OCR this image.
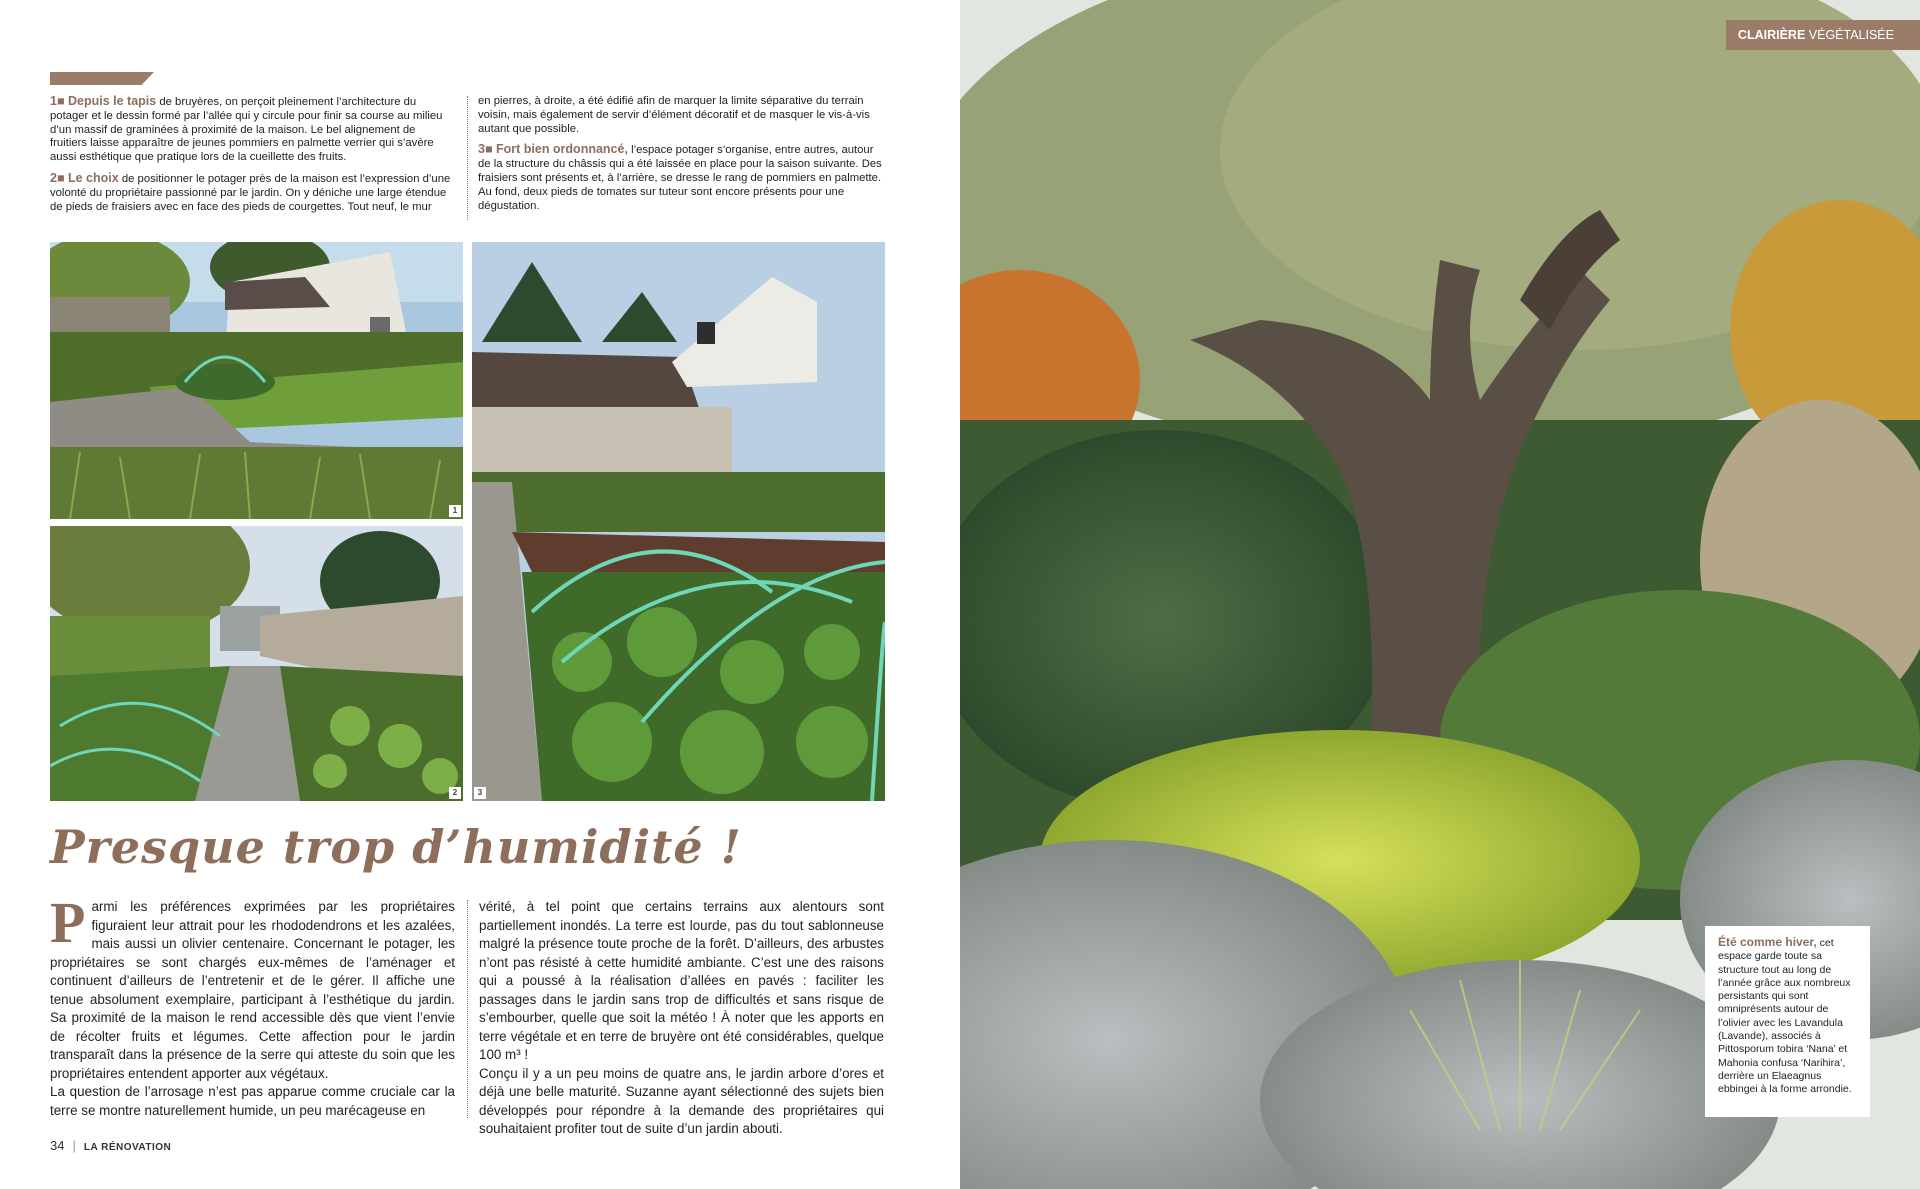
1■ Depuis le tapis de bruyères, on perçoit pleinement l’architecture du potager et le dessin formé par l’allée qui y circule pour finir sa course au milieu d’un massif de graminées à proximité de la maison. Le bel alignement de fruitiers laisse apparaître de jeunes pommiers en palmette verrier qui s’avère aussi esthétique que pratique lors de la cueillette des fruits.

2■ Le choix de positionner le potager près de la maison est l’expression d’une volonté du propriétaire passionné par le jardin. On y déniche une large étendue de pieds de fraisiers avec en face des pieds de courgettes. Tout neuf, le mur

en pierres, à droite, a été édifié afin de marquer la limite séparative du terrain voisin, mais également de servir d’élément décoratif et de masquer le vis-à-vis autant que possible.

3■ Fort bien ordonnancé, l’espace potager s’organise, entre autres, autour de la structure du châssis qui a été laissée en place pour la saison suivante. Des fraisiers sont présents et, à l’arrière, se dresse le rang de pommiers en palmette. Au fond, deux pieds de tomates sur tuteur sont encore présents pour une dégustation.

1
2	3
Presque trop d’humidité !
P armi les préférences exprimées par les propriétaires figuraient leur attrait pour les rhododendrons et les azalées, mais aussi un olivier centenaire. Concernant le potager, les propriétaires se sont chargés eux-mêmes de l’aménager et continuent d’ailleurs de l’entretenir et de le gérer. Il affiche une tenue absolument exemplaire, participant à l’esthétique du jardin. Sa proximité de la maison le rend accessible dès que vient l’envie de récolter fruits et légumes. Cette affection pour le jardin transparaît dans la présence de la serre qui atteste du soin que les propriétaires entendent apporter aux végétaux.

La question de l’arrosage n’est pas apparue comme cruciale car la terre se montre naturellement humide, un peu marécageuse en

vérité, à tel point que certains terrains aux alentours sont partiellement inondés. La terre est lourde, pas du tout sablonneuse malgré la présence toute proche de la forêt. D’ailleurs, des arbustes n’ont pas résisté à cette humidité ambiante. C’est une des raisons qui a poussé à la réalisation d’allées en pavés : faciliter les passages dans le jardin sans trop de difficultés et sans risque de s’embourber, quelle que soit la météo ! À noter que les apports en terre végétale et en terre de bruyère ont été considérables, quelque 100 m³ !

Conçu il y a un peu moins de quatre ans, le jardin arbore d’ores et déjà une belle maturité. Suzanne ayant sélectionné des sujets bien développés pour répondre à la demande des propriétaires qui souhaitaient profiter tout de suite d’un jardin abouti.

34 | LA RÉNOVATION
CLAIRIÈRE VÉGÉTALISÉE
Été comme hiver, cet espace garde toute sa structure tout au long de l’année grâce aux nombreux persistants qui sont omniprésents autour de l’olivier avec les Lavandula (Lavande), associés à Pittosporum tobira ‘Nana’ et Mahonia confusa ‘Narihira’, derrière un Elaeagnus ebbingei à la forme arrondie.
